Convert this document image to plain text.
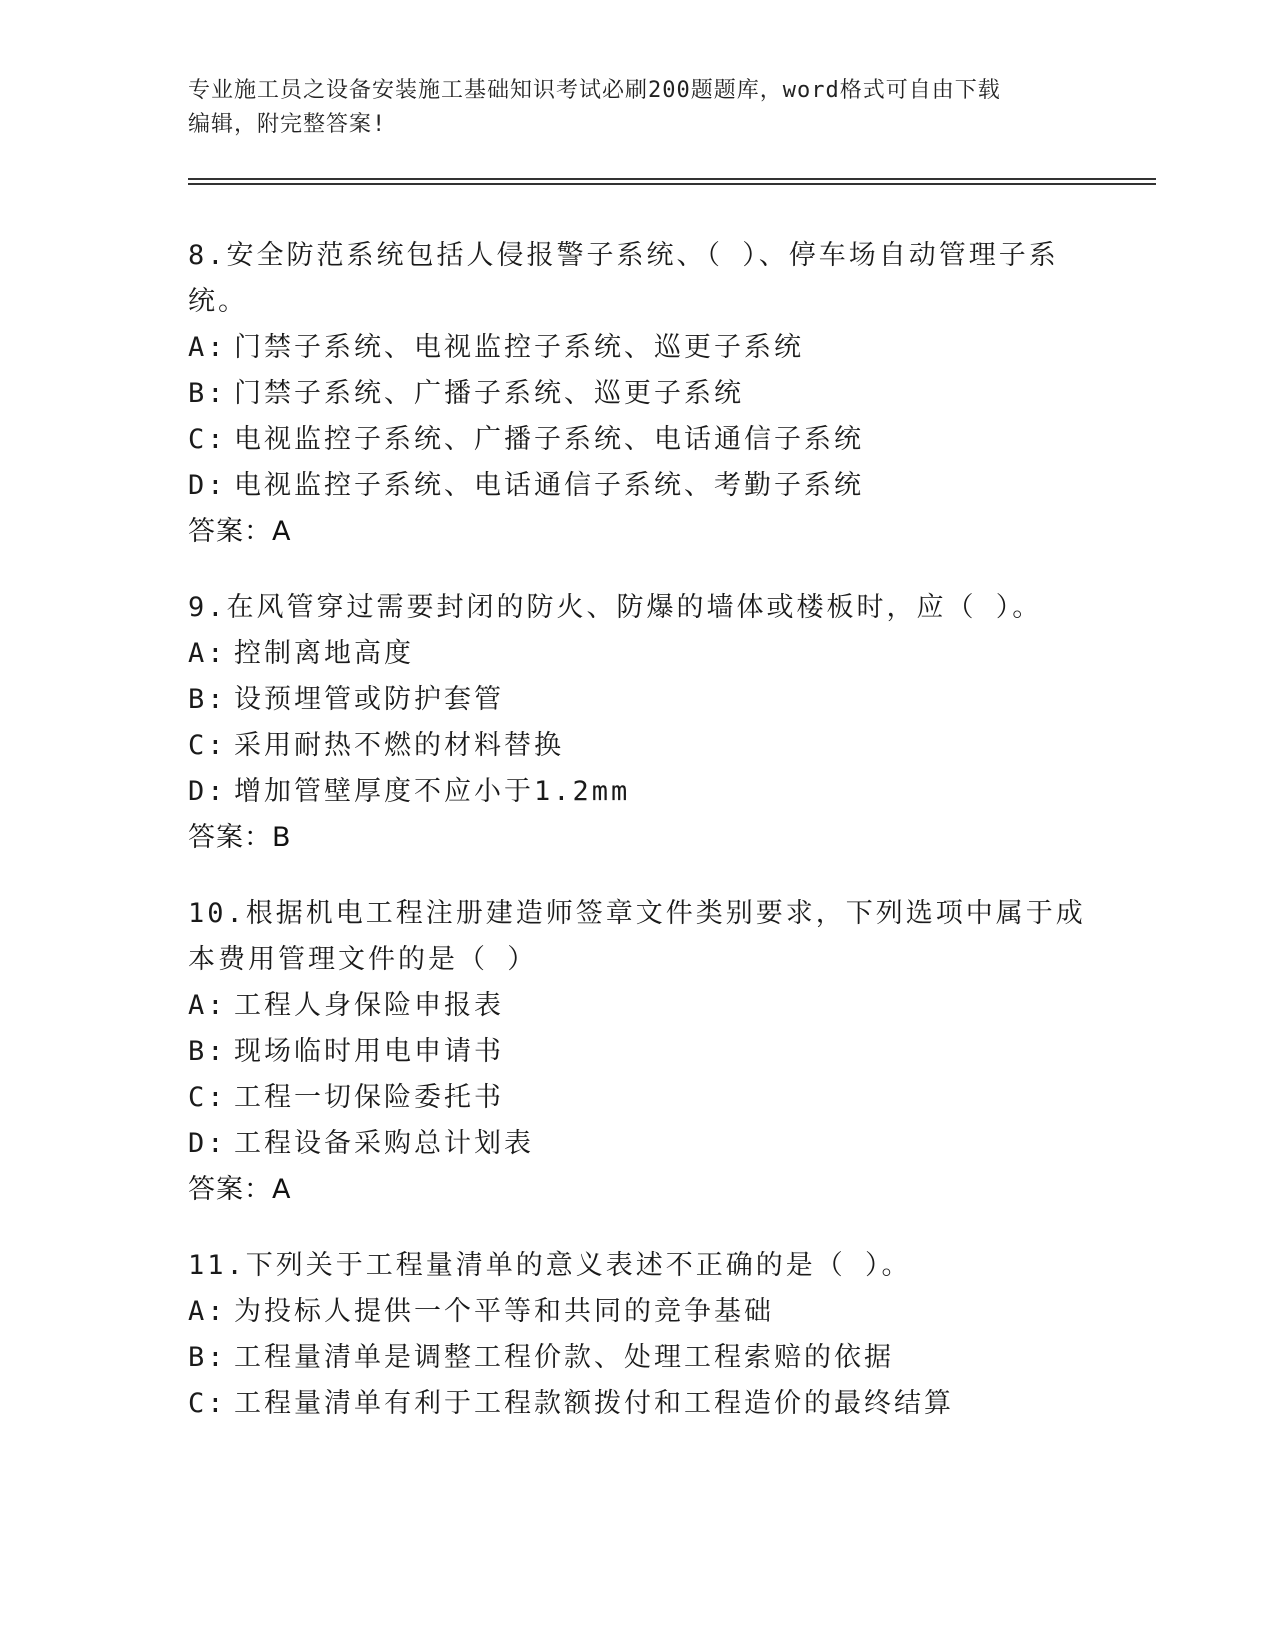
专业施工员之设备安装施工基础知识考试必刷200题题库，word格式可自由下载
编辑，附完整答案!
8.安全防范系统包括人侵报警子系统、（ ）、停车场自动管理子系统。
A: 门禁子系统、电视监控子系统、巡更子系统
B: 门禁子系统、广播子系统、巡更子系统
C: 电视监控子系统、广播子系统、电话通信子系统
D: 电视监控子系统、电话通信子系统、考勤子系统
答案：A
9.在风管穿过需要封闭的防火、防爆的墙体或楼板时，应（ ）。
A: 控制离地高度
B: 设预埋管或防护套管
C: 采用耐热不燃的材料替换
D: 增加管壁厚度不应小于1.2mm
答案：B
10.根据机电工程注册建造师签章文件类别要求，下列选项中属于成本费用管理文件的是（ ）
A: 工程人身保险申报表
B: 现场临时用电申请书
C: 工程一切保险委托书
D: 工程设备采购总计划表
答案：A
11.下列关于工程量清单的意义表述不正确的是（ ）。
A: 为投标人提供一个平等和共同的竞争基础
B: 工程量清单是调整工程价款、处理工程索赔的依据
C: 工程量清单有利于工程款额拨付和工程造价的最终结算
